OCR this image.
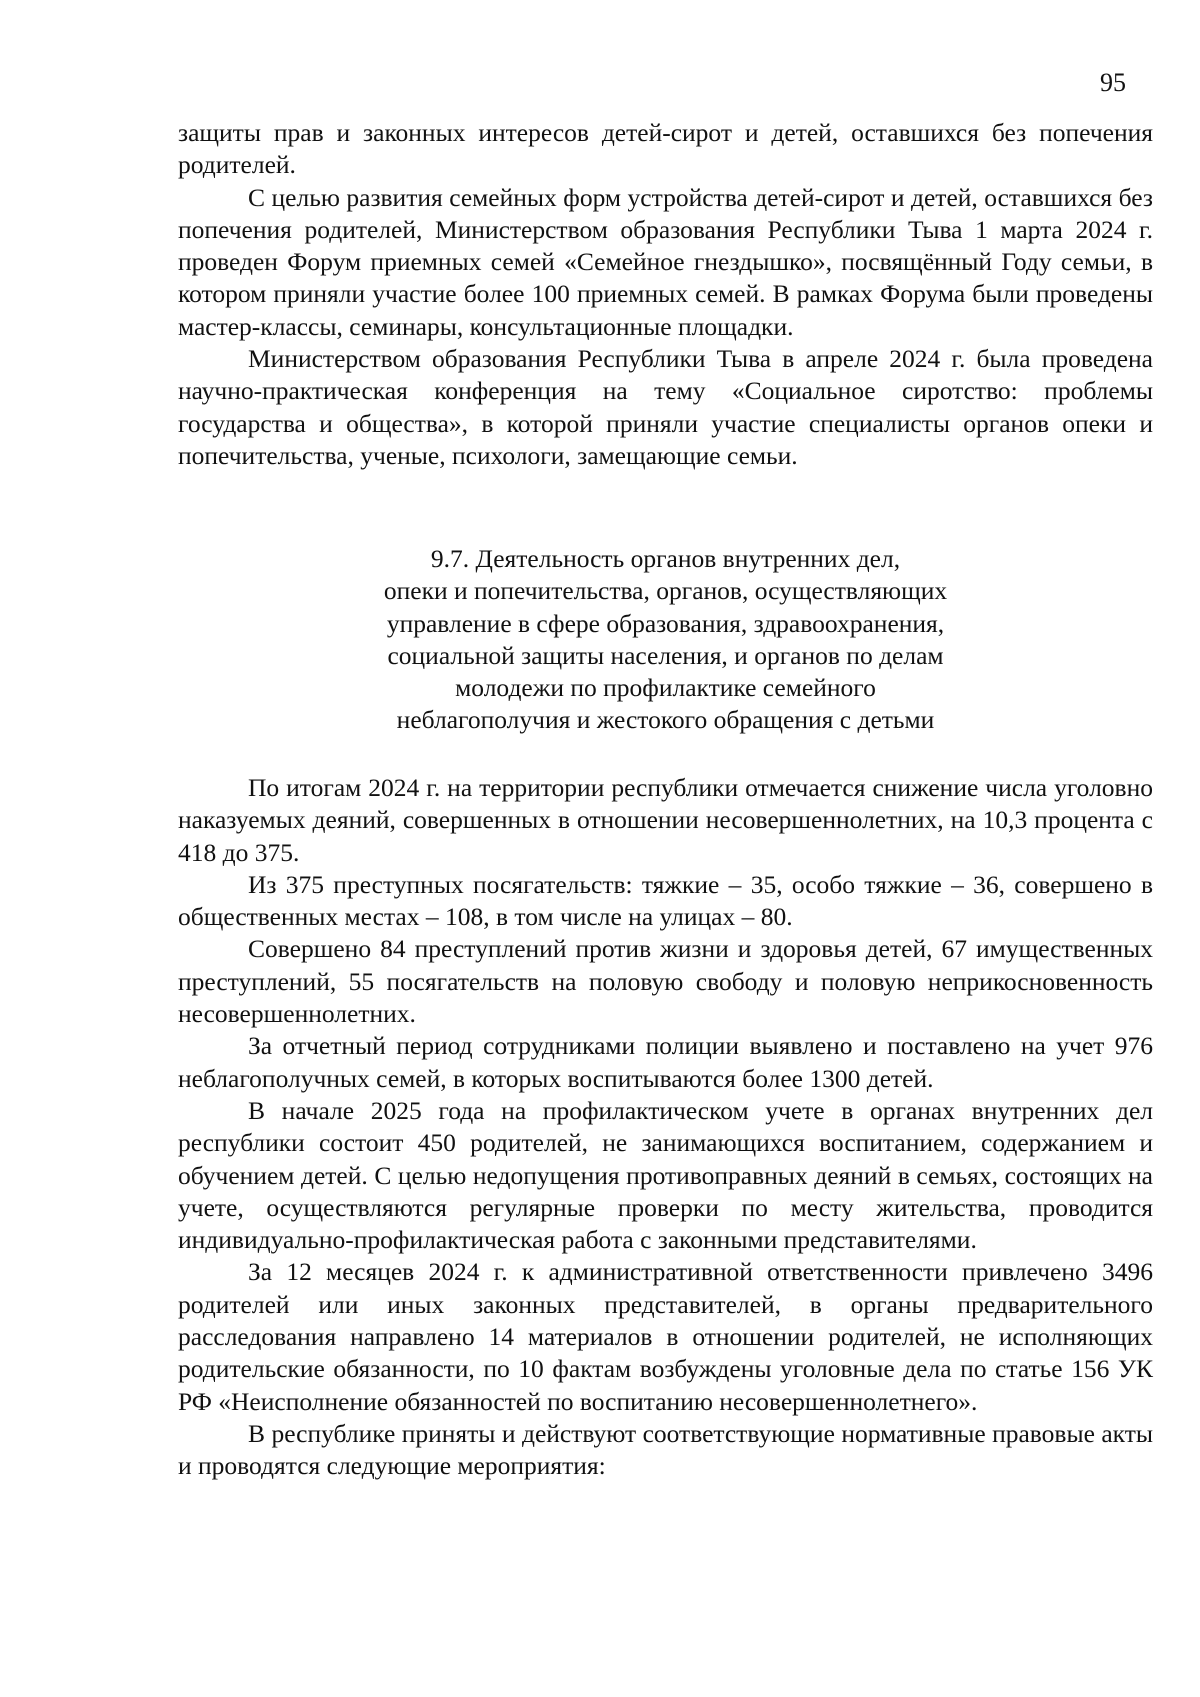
95

защиты прав и законных интересов детей-сирот и детей, оставшихся без попечения родителей.

С целью развития семейных форм устройства детей-сирот и детей, оставшихся без попечения родителей, Министерством образования Республики Тыва 1 марта 2024 г. проведен Форум приемных семей «Семейное гнездышко», посвящённый Году семьи, в котором приняли участие более 100 приемных семей. В рамках Форума были проведены мастер-классы, семинары, консультационные площадки.

Министерством образования Республики Тыва в апреле 2024 г. была проведена научно-практическая конференция на тему «Социальное сиротство: проблемы государства и общества», в которой приняли участие специалисты органов опеки и попечительства, ученые, психологи, замещающие семьи.

9.7. Деятельность органов внутренних дел,
опеки и попечительства, органов, осуществляющих
управление в сфере образования, здравоохранения,
социальной защиты населения, и органов по делам
молодежи по профилактике семейного
неблагополучия и жестокого обращения с детьми

По итогам 2024 г. на территории республики отмечается снижение числа уголовно наказуемых деяний, совершенных в отношении несовершеннолетних, на 10,3 процента с 418 до 375.

Из 375 преступных посягательств: тяжкие – 35, особо тяжкие – 36, совершено в общественных местах – 108, в том числе на улицах – 80.

Совершено 84 преступлений против жизни и здоровья детей, 67 имущественных преступлений, 55 посягательств на половую свободу и половую неприкосновенность несовершеннолетних.

За отчетный период сотрудниками полиции выявлено и поставлено на учет 976 неблагополучных семей, в которых воспитываются более 1300 детей.

В начале 2025 года на профилактическом учете в органах внутренних дел республики состоит 450 родителей, не занимающихся воспитанием, содержанием и обучением детей. С целью недопущения противоправных деяний в семьях, состоящих на учете, осуществляются регулярные проверки по месту жительства, проводится индивидуально-профилактическая работа с законными представителями.

За 12 месяцев 2024 г. к административной ответственности привлечено 3496 родителей или иных законных представителей, в органы предварительного расследования направлено 14 материалов в отношении родителей, не исполняющих родительские обязанности, по 10 фактам возбуждены уголовные дела по статье 156 УК РФ «Неисполнение обязанностей по воспитанию несовершеннолетнего».

В республике приняты и действуют соответствующие нормативные правовые акты и проводятся следующие мероприятия:
